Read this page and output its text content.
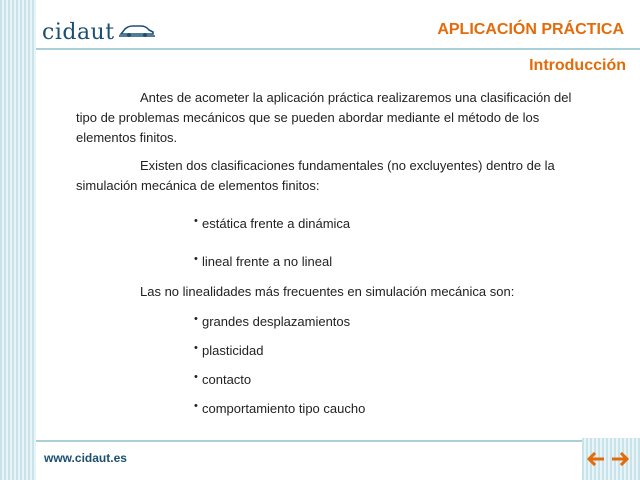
cidaut	APLICACIÓN PRÁCTICA
Introducción

Antes de acometer la aplicación práctica realizaremos una clasificación del tipo de problemas mecánicos que se pueden abordar mediante el método de los elementos finitos.

Existen dos clasificaciones fundamentales (no excluyentes) dentro de la simulación mecánica de elementos finitos:

• estática frente a dinámica
• lineal frente a no lineal
Las no linealidades más frecuentes en simulación mecánica son:
• grandes desplazamientos
• plasticidad
• contacto
• comportamiento tipo caucho
www.cidaut.es
